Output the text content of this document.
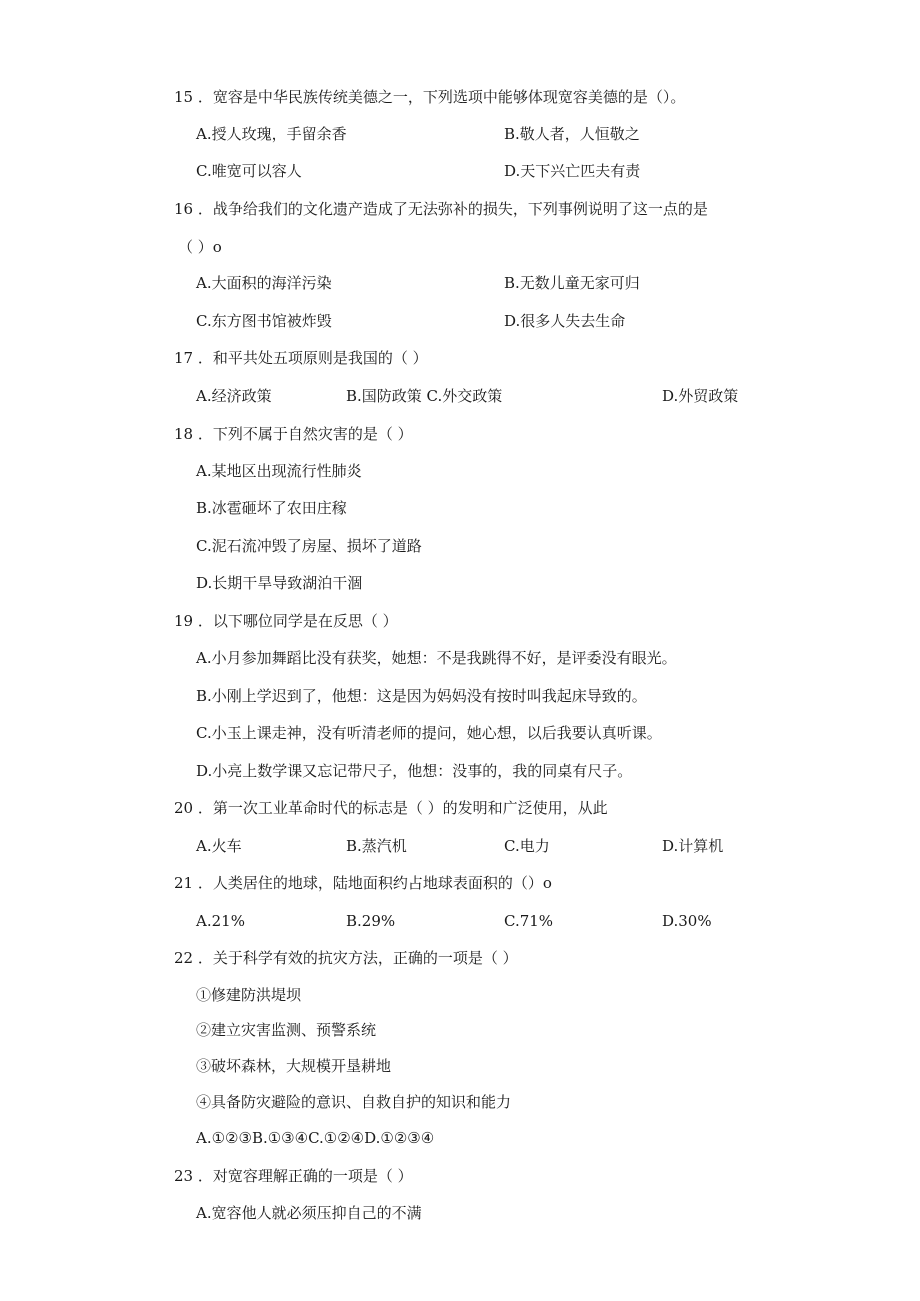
15 ．宽容是中华民族传统美德之一，下列选项中能够体现宽容美德的是（）。
A.授人玫瑰，手留余香	B.敬人者，人恒敬之
C.唯宽可以容人	D.天下兴亡匹夫有责
16 ．战争给我们的文化遗产造成了无法弥补的损失，下列事例说明了这一点的是
（ ）o
A.大面积的海洋污染	B.无数儿童无家可归
C.东方图书馆被炸毁	D.很多人失去生命
17 ．和平共处五项原则是我国的（ ）
A.经济政策	B.国防政策 C.外交政策	D.外贸政策
18 ．下列不属于自然灾害的是（ ）
A.某地区出现流行性肺炎
B.冰雹砸坏了农田庄稼
C.泥石流冲毁了房屋、损坏了道路
D.长期干旱导致湖泊干涸
19 ．以下哪位同学是在反思（ ）
A.小月参加舞蹈比没有获奖，她想：不是我跳得不好，是评委没有眼光。
B.小刚上学迟到了，他想：这是因为妈妈没有按时叫我起床导致的。
C.小玉上课走神，没有听清老师的提问，她心想，以后我要认真听课。
D.小亮上数学课又忘记带尺子，他想：没事的，我的同桌有尺子。
20 ．第一次工业革命时代的标志是（ ）的发明和广泛使用，从此
A.火车	B.蒸汽机	C.电力	D.计算机
21 ．人类居住的地球，陆地面积约占地球表面积的（）o
A.21%	B.29%	C.71%	D.30%
22 ．关于科学有效的抗灾方法，正确的一项是（ ）
①修建防洪堤坝
②建立灾害监测、预警系统
③破坏森林，大规模开垦耕地
④具备防灾避险的意识、自救自护的知识和能力
A.①②③B.①③④C.①②④D.①②③④
23 ．对宽容理解正确的一项是（ ）
A.宽容他人就必须压抑自己的不满
